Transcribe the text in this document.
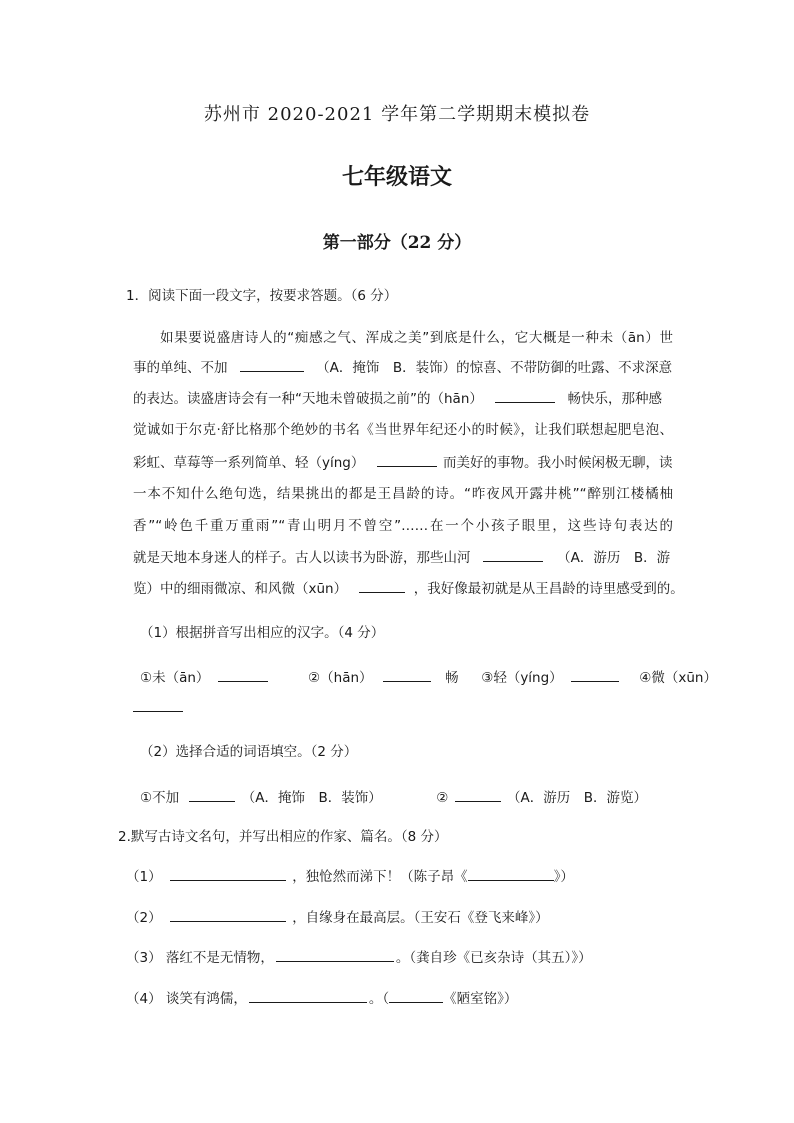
苏州市 2020-2021 学年第二学期期末模拟卷
七年级语文
第一部分（22 分）
1．阅读下面一段文字，按要求答题。（6 分）
如果要说盛唐诗人的“痴感之气、浑成之美”到底是什么，它大概是一种未（ān）世
事的单纯、不加	（A．掩饰　B．装饰）的惊喜、不带防御的吐露、不求深意
的表达。读盛唐诗会有一种“天地未曾破损之前”的（hān）	畅快乐，那种感
觉诚如于尔克·舒比格那个绝妙的书名《当世界年纪还小的时候》，让我们联想起肥皂泡、
彩虹、草莓等一系列简单、轻（yíng）	而美好的事物。我小时候闲极无聊，读
一本不知什么绝句选，结果挑出的都是王昌龄的诗。“昨夜风开露井桃”“醉别江楼橘柚
香”“岭色千重万重雨”“青山明月不曾空”……在一个小孩子眼里，这些诗句表达的
就是天地本身迷人的样子。古人以读书为卧游，那些山河	（A．游历　B．游
览）中的细雨微凉、和风微（xūn）	，我好像最初就是从王昌龄的诗里感受到的。
（1）根据拼音写出相应的汉字。（4 分）
①未（ān）	②（hān）	畅 ③轻（yíng）	④微（xūn）
（2）选择合适的词语填空。（2 分）
①不加	（A．掩饰　B．装饰）	②	（A．游历　B．游览）
2.默写古诗文名句，并写出相应的作家、篇名。（8 分）
（1）	，独怆然而涕下！（陈子昂《	》）
（2）	，自缘身在最高层。（王安石《登飞来峰》）
（3） 落红不是无情物，	。（龚自珍《已亥杂诗（其五）》）
（4） 谈笑有鸿儒，	。（	《陋室铭》）
